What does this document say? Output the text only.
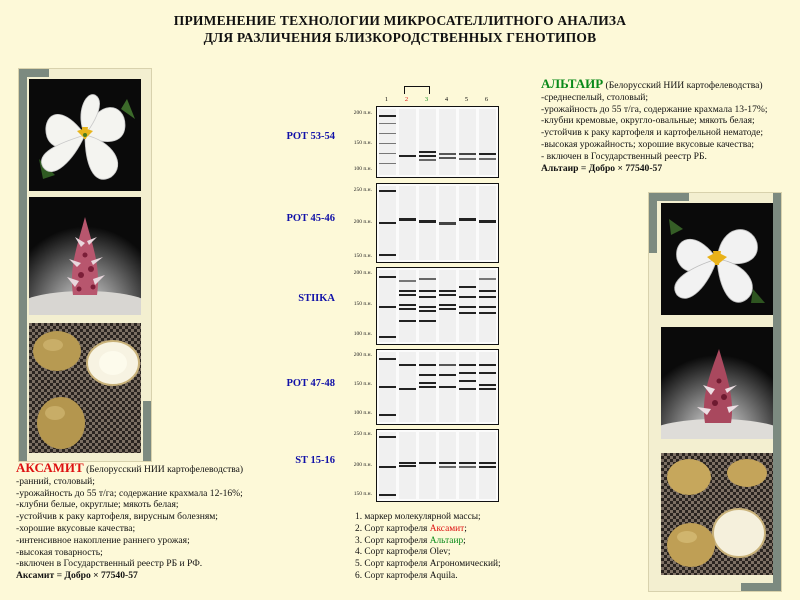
ПРИМЕНЕНИЕ ТЕХНОЛОГИИ МИКРОСАТЕЛЛИТНОГО АНАЛИЗА
ДЛЯ РАЗЛИЧЕНИЯ БЛИЗКОРОДСТВЕННЫХ ГЕНОТИПОВ
АКСАМИТ (Белорусский НИИ картофелеводства)
-ранний, столовый;
-урожайность до 55 т/га; содержание крахмала 12-16%;
-клубни белые, округлые; мякоть белая;
-устойчив к раку картофеля, вирусным болезням;
-хорошие вкусовые качества;
-интенсивное накопление раннего урожая;
-высокая товарность;
-включен в Государственный реестр РБ и РФ.
Аксамит = Добро × 77540-57
АЛЬТАИР (Белорусский НИИ картофелеводства)
-среднеспелый, столовый;
-урожайность до 55 т/га, содержание крахмала 13-17%;
-клубни кремовые, округло-овальные; мякоть белая;
-устойчив к раку картофеля и картофельной нематоде;
-высокая урожайность; хорошие вкусовые качества;
- включен в Государственный реестр РБ.
Альтаир = Добро × 77540-57
1	2	3	4	5	6
POT 53-54
POT 45-46
STIIKA
POT 47-48
ST 15-16
200 п.н.
150 п.н.
100 п.н.
250 п.н.
200 п.н.
150 п.н.
200 п.н.
150 п.н.
100 п.н.
200 п.н.
150 п.н.
100 п.н.
250 п.н.
200 п.н.
150 п.н.
1. маркер молекулярной массы;
2. Сорт картофеля Аксамит;
3. Сорт картофеля Альтаир;
4. Сорт картофеля Olev;
5. Сорт картофеля Агрономический;
6. Сорт картофеля Aquila.
